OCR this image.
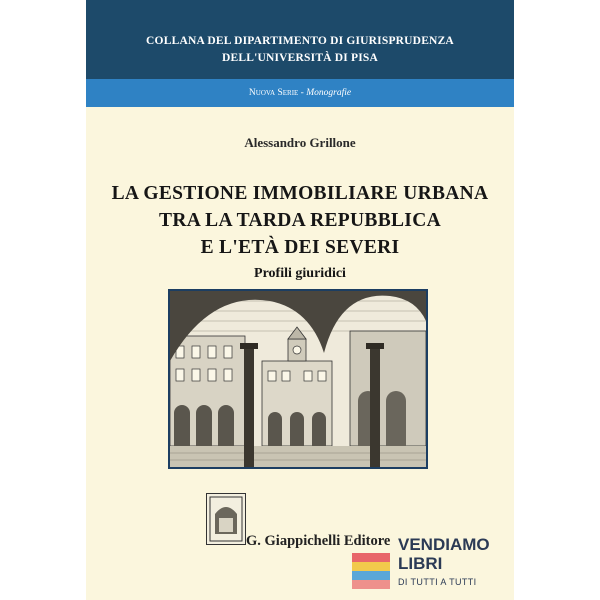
COLLANA DEL DIPARTIMENTO DI GIURISPRUDENZA
DELL'UNIVERSITÀ DI PISA
Nuova Serie - Monografie
Alessandro Grillone
LA GESTIONE IMMOBILIARE URBANA
TRA LA TARDA REPUBBLICA
E L'ETÀ DEI SEVERI
Profili giuridici
G. Giappichelli Editore VENDIAMO
LIBRI
DI TUTTI A TUTTI
